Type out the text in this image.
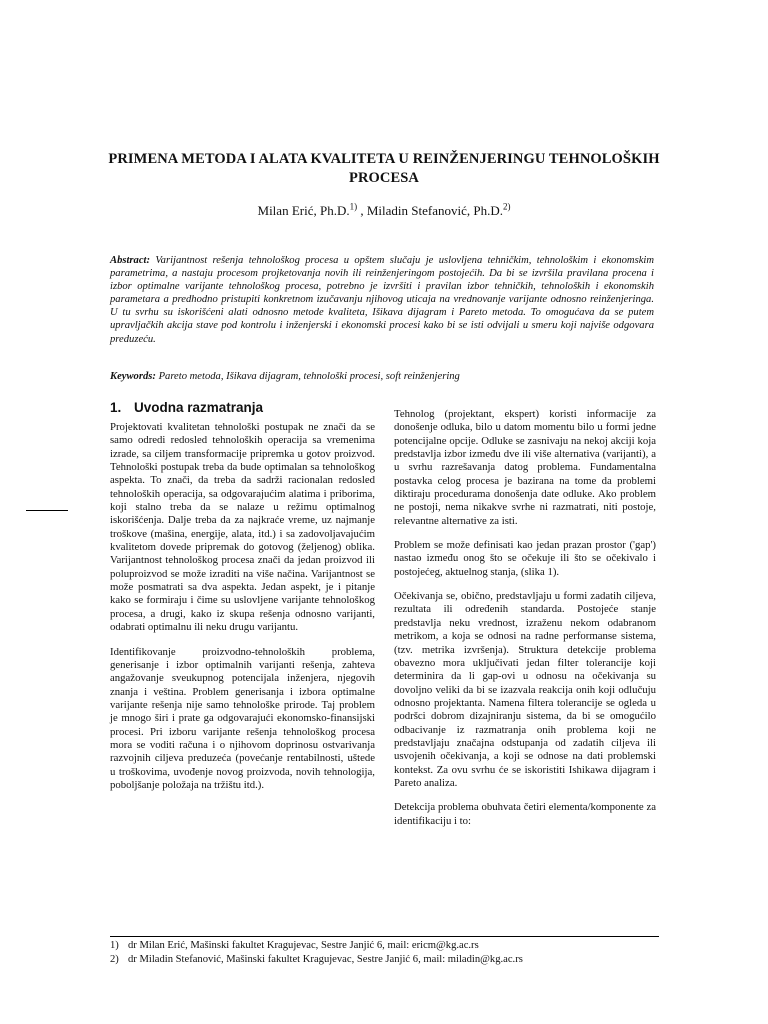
PRIMENA METODA I ALATA KVALITETA U REINŽENJERINGU TEHNOLOŠKIH PROCESA
Milan Erić, Ph.D.$^{1)}$ , Miladin Stefanović, Ph.D.$^{2)}$
Abstract: Varijantnost rešenja tehnološkog procesa u opštem slučaju je uslovljena tehničkim, tehnološkim i ekonomskim parametrima, a nastaju procesom projketovanja novih ili reinženjeringom postojećih. Da bi se izvršila pravilana procena i izbor optimalne varijante tehnološkog procesa, potrebno je izvršiti i pravilan izbor tehničkih, tehnoloških i ekonomskih parametara a predhodno pristupiti konkretnom izučavanju njihovog uticaja na vrednovanje varijante odnosno reinženjeringa. U tu svrhu su iskorišćeni alati odnosno metode kvaliteta, Išikava dijagram i Pareto metoda. To omogućava da se putem upravljačkih akcija stave pod kontrolu i inženjerski i ekonomski procesi kako bi se isti odvijali u smeru koji najviše odgovara preduzeću.
Keywords: Pareto metoda, Išikava dijagram, tehnološki procesi, soft reinženjering
1. Uvodna razmatranja

Projektovati kvalitetan tehnološki postupak ne znači da se samo odredi redosled tehnoloških operacija sa vremenima izrade, sa ciljem transformacije pripremka u gotov proizvod. Tehnološki postupak treba da bude optimalan sa tehnološkog aspekta. To znači, da treba da sadrži racionalan redosled tehnoloških operacija, sa odgovarajućim alatima i priborima, koji stalno treba da se nalaze u režimu optimalnog iskorišćenja. Dalje treba da za najkraće vreme, uz najmanje troškove (mašina, energije, alata, itd.) i sa zadovoljavajućim kvalitetom dovede pripremak do gotovog (željenog) oblika. Varijantnost tehnološkog procesa znači da jedan proizvod ili poluproizvod se može izraditi na više načina. Varijantnost se može posmatrati sa dva aspekta. Jedan aspekt, je i pitanje kako se formiraju i čime su uslovljene varijante tehnološkog procesa, a drugi, kako iz skupa rešenja odnosno varijanti, odabrati optimalnu ili neku drugu varijantu.

Identifikovanje proizvodno-tehnoloških problema, generisanje i izbor optimalnih varijanti rešenja, zahteva angažovanje sveukupnog potencijala inženjera, njegovih znanja i veština. Problem generisanja i izbora optimalne varijante rešenja nije samo tehnološke prirode. Taj problem je mnogo širi i prate ga odgovarajući ekonomsko-finansijski procesi. Pri izboru varijante rešenja tehnološkog procesa mora se voditi računa i o njihovom doprinosu ostvarivanja razvojnih ciljeva preduzeća (povećanje rentabilnosti, uštede u troškovima, uvođenje novog proizvoda, novih tehnologija, poboljšanje položaja na tržištu itd.).

Tehnolog (projektant, ekspert) koristi informacije za donošenje odluka, bilo u datom momentu bilo u formi jedne potencijalne opcije. Odluke se zasnivaju na nekoj akciji koja predstavlja izbor između dve ili više alternativa (varijanti), a u svrhu razrešavanja datog problema. Fundamentalna postavka celog procesa je bazirana na tome da problemi diktiraju procedurama donošenja date odluke. Ako problem ne postoji, nema nikakve svrhe ni razmatrati, niti postoje, relevantne alternative za isti.

Problem se može definisati kao jedan prazan prostor ('gap') nastao između onog što se očekuje ili što se očekivalo i postojećeg, aktuelnog stanja, (slika 1).

Očekivanja se, obično, predstavljaju u formi zadatih ciljeva, rezultata ili određenih standarda. Postojeće stanje predstavlja neku vrednost, izraženu nekom odabranom metrikom, a koja se odnosi na radne performanse sistema, (tzv. metrika izvršenja). Struktura detekcije problema obavezno mora uključivati jedan filter tolerancije koji determinira da li gap-ovi u odnosu na očekivanja su dovoljno veliki da bi se izazvala reakcija onih koji odlučuju odnosno projektanta. Namena filtera tolerancije se ogleda u podršci dobrom dizajniranju sistema, da bi se omogućilo odbacivanje iz razmatranja onih problema koji ne predstavljaju značajna odstupanja od zadatih ciljeva ili usvojenih očekivanja, a koji se odnose na dati problemski kontekst. Za ovu svrhu će se iskoristiti Ishikawa dijagram i Pareto analiza.

Detekcija problema obuhvata četiri elementa/komponente za identifikaciju i to:

1) dr Milan Erić, Mašinski fakultet Kragujevac, Sestre Janjić 6, mail: ericm@kg.ac.rs
2) dr Miladin Stefanović, Mašinski fakultet Kragujevac, Sestre Janjić 6, mail: miladin@kg.ac.rs
